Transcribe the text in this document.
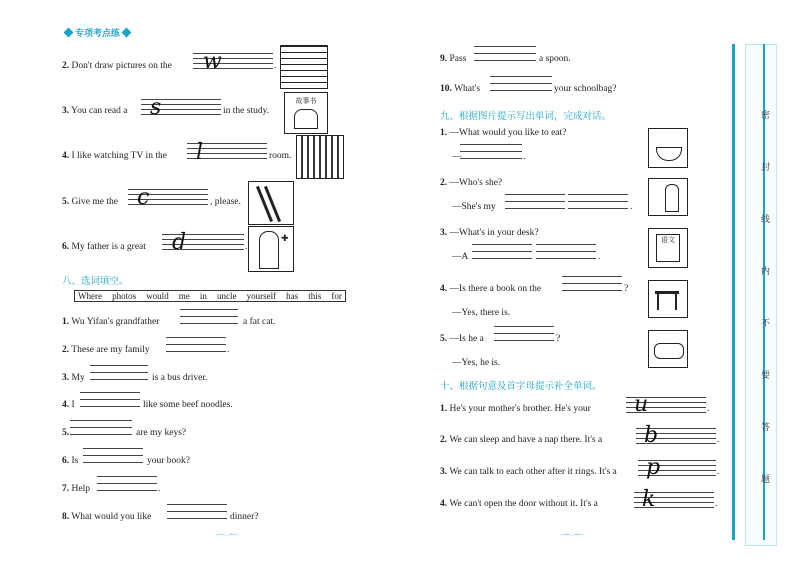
专项考点练
2. Don't draw pictures on the w	.
3. You can read a s	in the study.
故事书
4. I like watching TV in the l	room.
5. Give me the c	, please.
6. My father is a great d	.
✚
八、选词填空。
Where photos would me in uncle yourself has this for
1. Wu Yifan's grandfather	a fat cat.
2. These are my family	.
3. My	is a bus driver.
4. I	like some beef noodles.
5.	are my keys?
6. Is	your book?
7. Help	.
8. What would you like	dinner?
⌒⌒
9. Pass	a spoon.
10. What's	your schoolbag?
九、根据图片提示写出单词，完成对话。
1. —What would you like to eat?
—	.
2. —Who's she?
—She's my	.
3. —What's in your desk?
—A	.
语文
4. —Is there a book on the	?
—Yes, there is.
5. —Is he a	?
—Yes, he is.
十、根据句意及首字母提示补全单词。
1. He's your mother's brother. He's your u	.
2. We can sleep and have a nap there. It's a b	.
3. We can talk to each other after it rings. It's a p	.
4. We can't open the door without it. It's a k	.
⌒⌒
密
封
线
内
不
要
答
题
